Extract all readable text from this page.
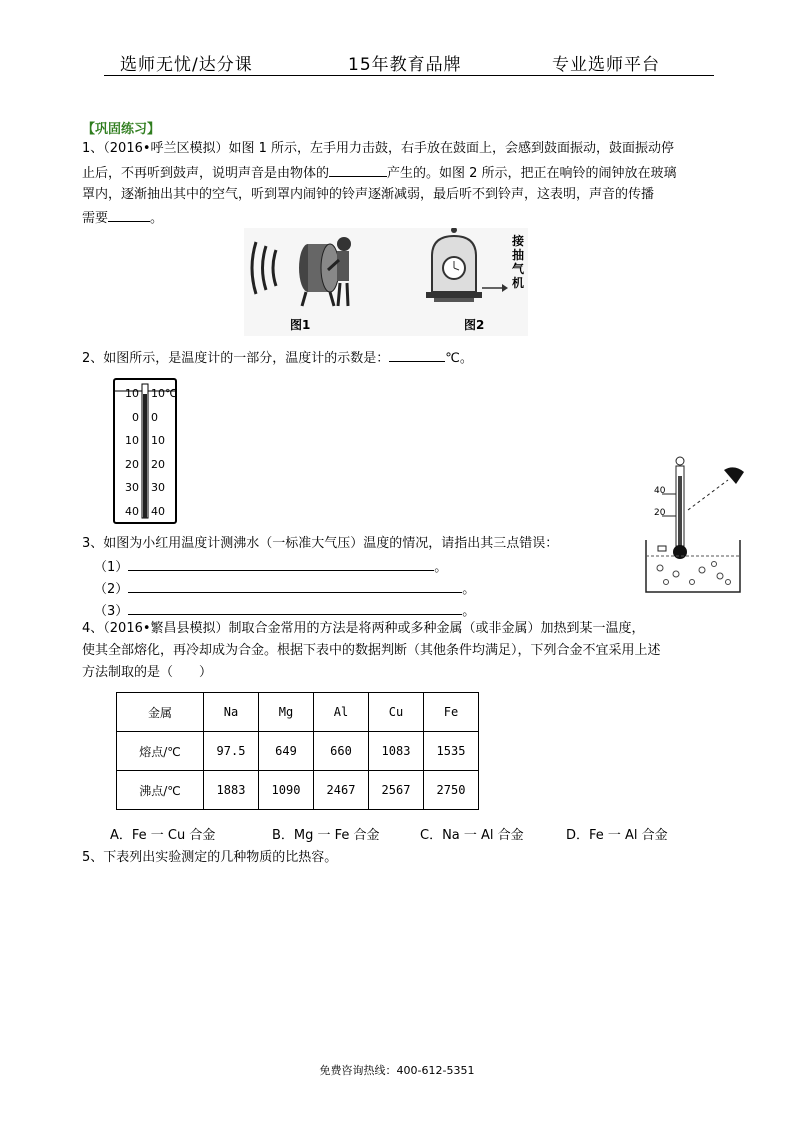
选师无忧/达分课	15年教育品牌	专业选师平台
【巩固练习】
1、（2016•呼兰区模拟）如图 1 所示，左手用力击鼓，右手放在鼓面上，会感到鼓面振动，鼓面振动停
止后，不再听到鼓声，说明声音是由物体的	产生的。如图 2 所示，把正在响铃的闹钟放在玻璃
罩内，逐渐抽出其中的空气，听到罩内闹钟的铃声逐渐减弱，最后听不到铃声，这表明，声音的传播
需要	。
接
抽
气
机
图1	图2
2、如图所示，是温度计的一部分，温度计的示数是：	℃。
10
0
10
20
30
40
10℃
0
10
20
30
40
40
20
3、如图为小红用温度计测沸水（一标准大气压）温度的情况，请指出其三点错误：
（1）	。
（2）	。
（3）	。
4、（2016•繁昌县模拟）制取合金常用的方法是将两种或多种金属（或非金属）加热到某一温度，
使其全部熔化，再冷却成为合金。根据下表中的数据判断（其他条件均满足），下列合金不宜采用上述
方法制取的是（　　）
金属	Na	Mg	Al	Cu	Fe
熔点/℃	97.5	649	660	1083	1535
沸点/℃	1883	1090	2467	2567	2750
A．Fe 一 Cu 合金	B．Mg 一 Fe 合金	C．Na 一 Al 合金	D．Fe 一 Al 合金
5、下表列出实验测定的几种物质的比热容。
免费咨询热线：400-612-5351
